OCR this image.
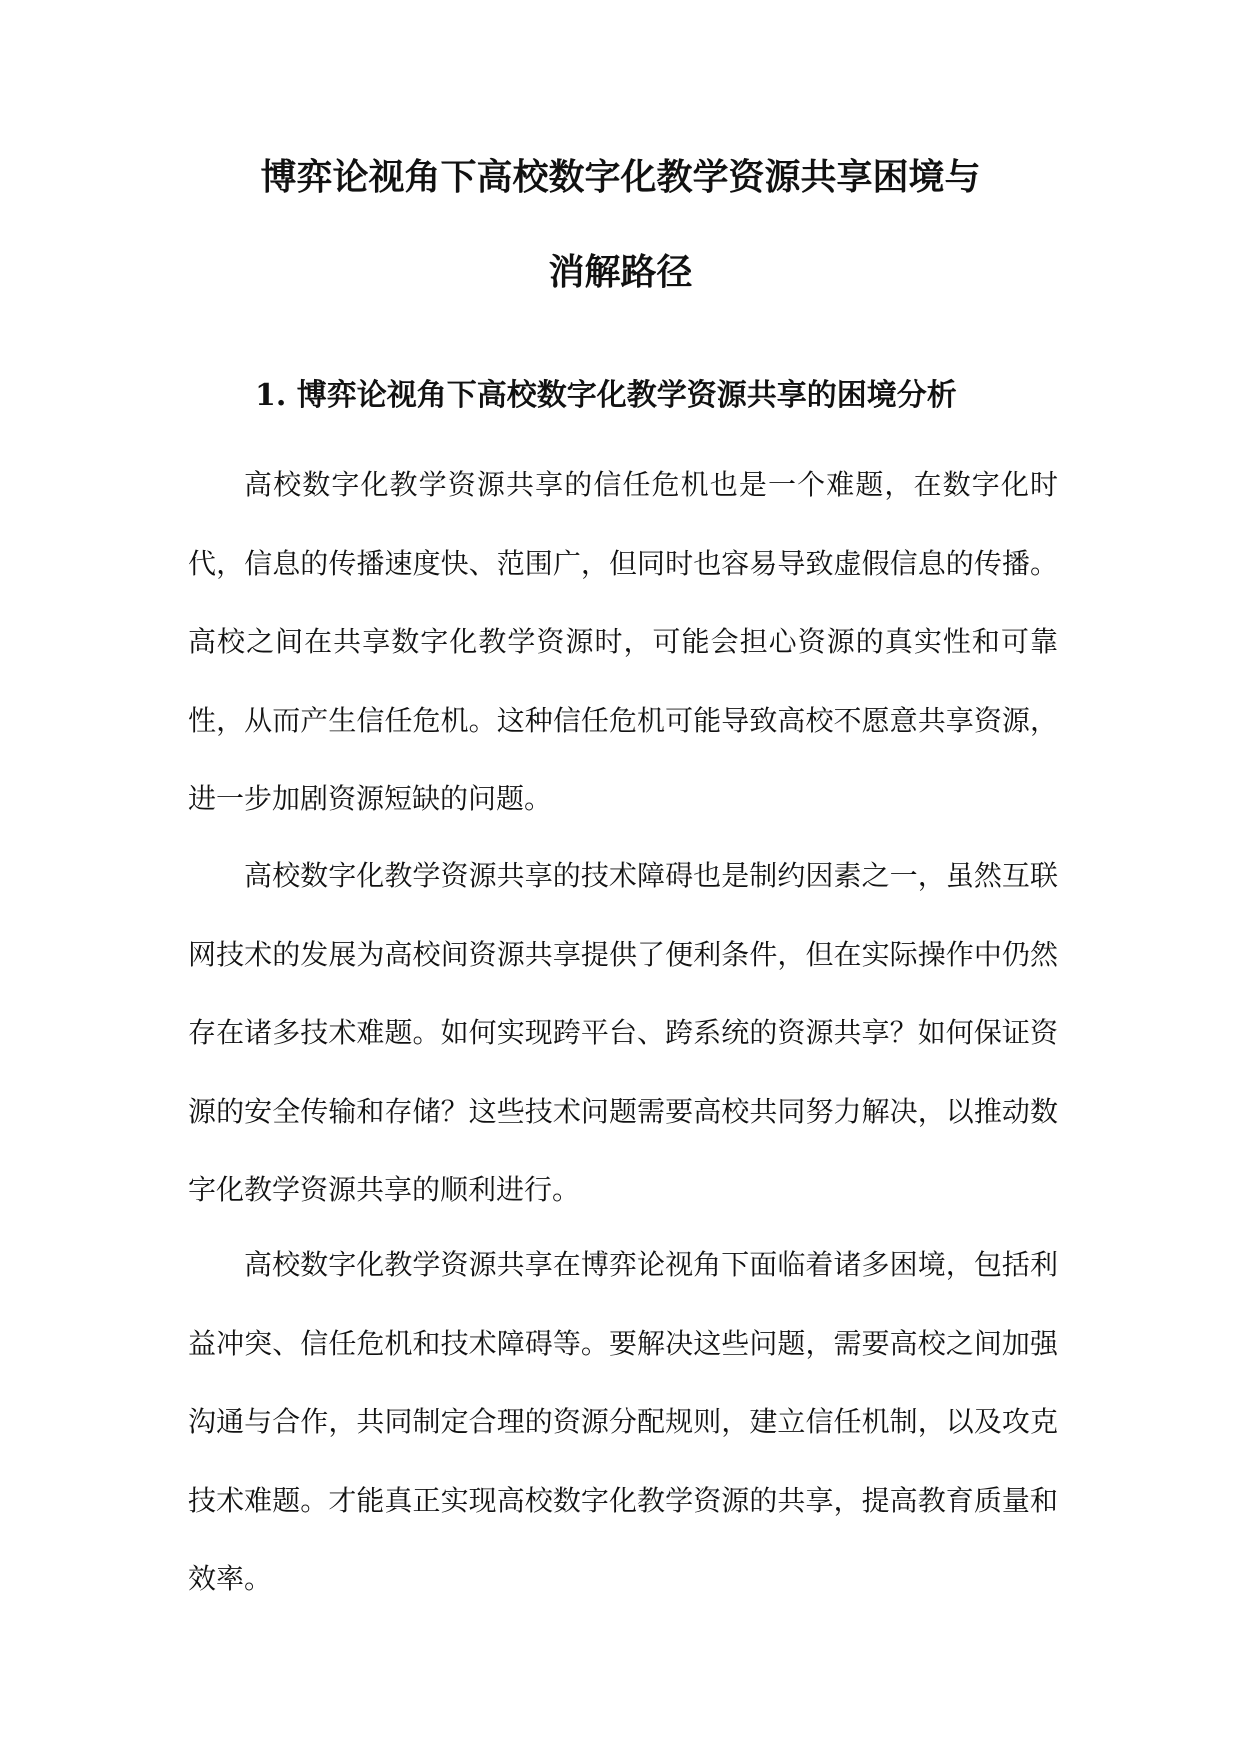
博弈论视角下高校数字化教学资源共享困境与
消解路径
1. 博弈论视角下高校数字化教学资源共享的困境分析

高校数字化教学资源共享的信任危机也是一个难题，在数字化时代，信息的传播速度快、范围广，但同时也容易导致虚假信息的传播。高校之间在共享数字化教学资源时，可能会担心资源的真实性和可靠性，从而产生信任危机。这种信任危机可能导致高校不愿意共享资源，进一步加剧资源短缺的问题。

高校数字化教学资源共享的技术障碍也是制约因素之一，虽然互联网技术的发展为高校间资源共享提供了便利条件，但在实际操作中仍然存在诸多技术难题。如何实现跨平台、跨系统的资源共享？如何保证资源的安全传输和存储？这些技术问题需要高校共同努力解决，以推动数字化教学资源共享的顺利进行。

高校数字化教学资源共享在博弈论视角下面临着诸多困境，包括利益冲突、信任危机和技术障碍等。要解决这些问题，需要高校之间加强沟通与合作，共同制定合理的资源分配规则，建立信任机制，以及攻克技术难题。才能真正实现高校数字化教学资源的共享，提高教育质量和效率。
